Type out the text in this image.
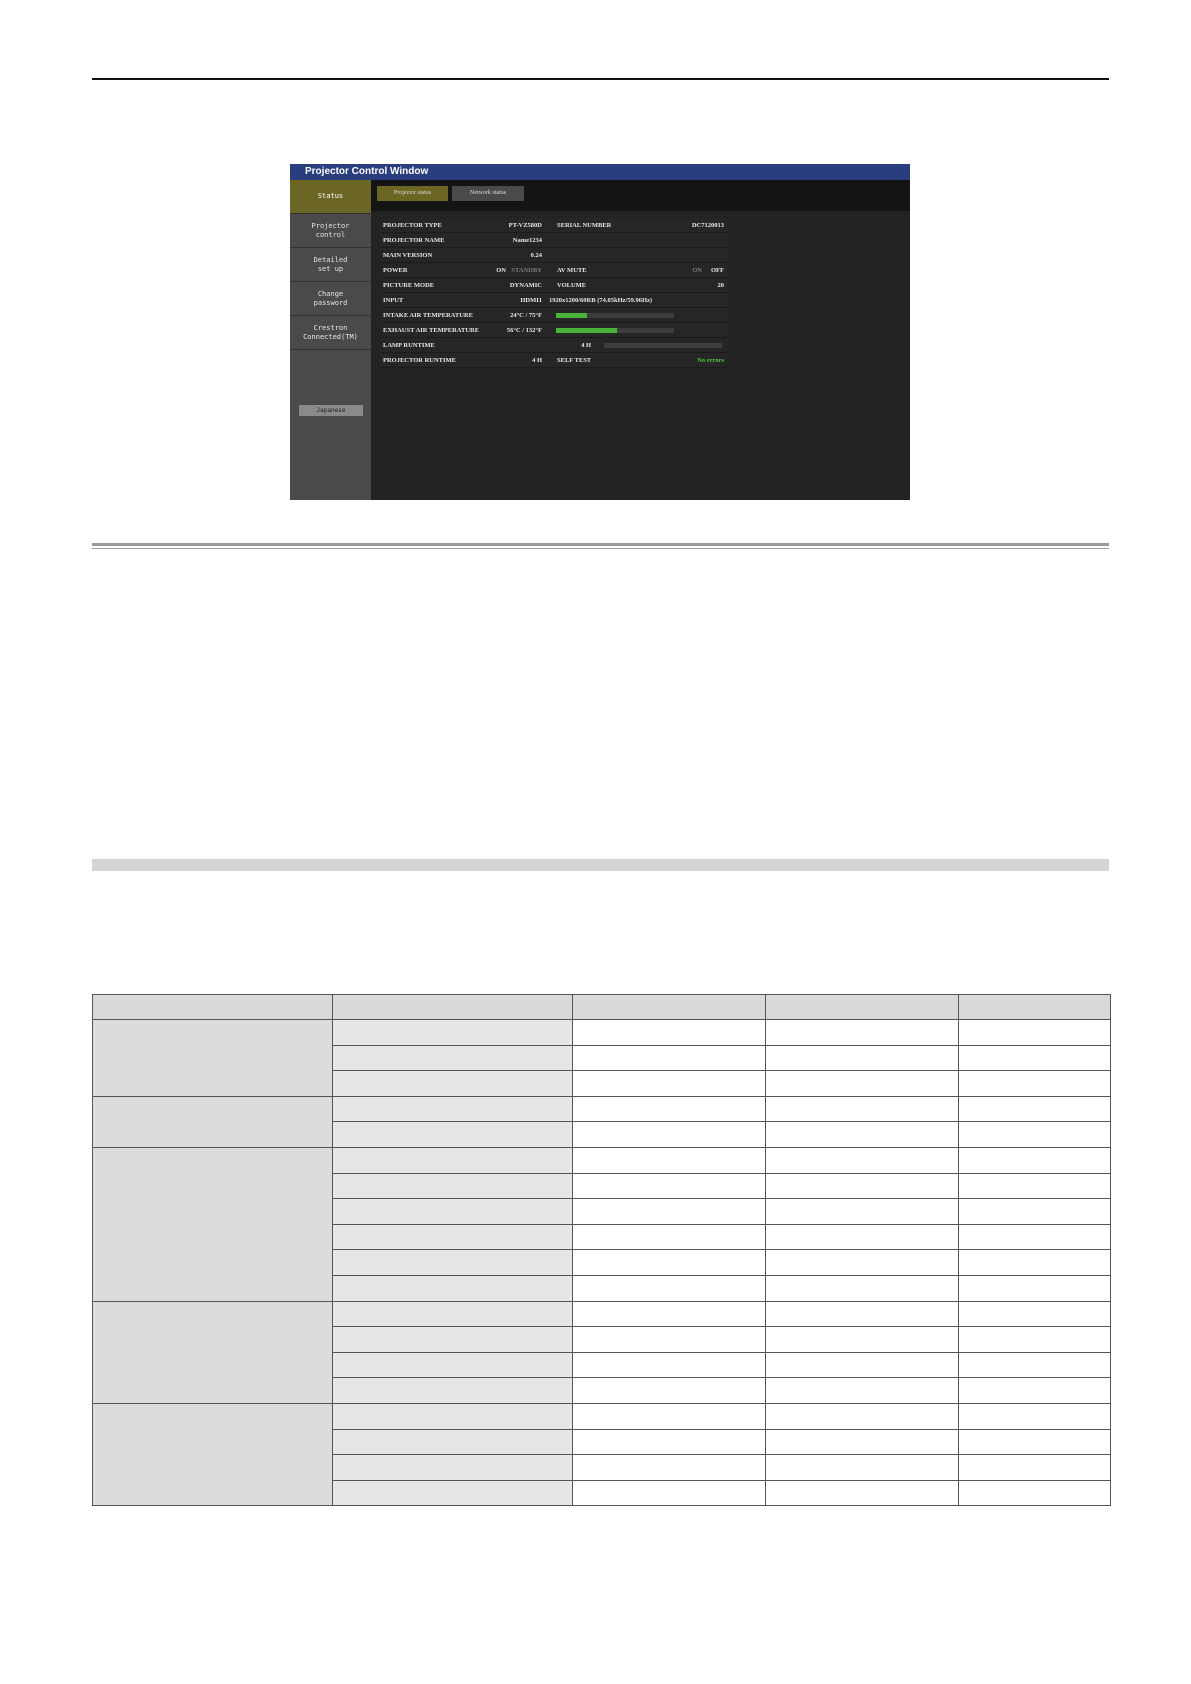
Projector Control Window
Status
Projector
control
Detailed
set up
Change
password
Crestron
Connected(TM)
Japanese
Projector status	Network status
PROJECTOR TYPE	PT-VZ580D SERIAL NUMBER	DC7120013
PROJECTOR NAME	Name1234
MAIN VERSION	0.24
POWER	ON STANDBY AV MUTE	ON OFF
PICTURE MODE	DYNAMIC VOLUME	20
INPUT	HDMI1 1920x1200/60RB (74.05kHz/59.96Hz)
INTAKE AIR TEMPERATURE	24°C / 75°F
EXHAUST AIR TEMPERATURE	56°C / 132°F
LAMP RUNTIME	4 H
PROJECTOR RUNTIME	4 H SELF TEST	No errors
